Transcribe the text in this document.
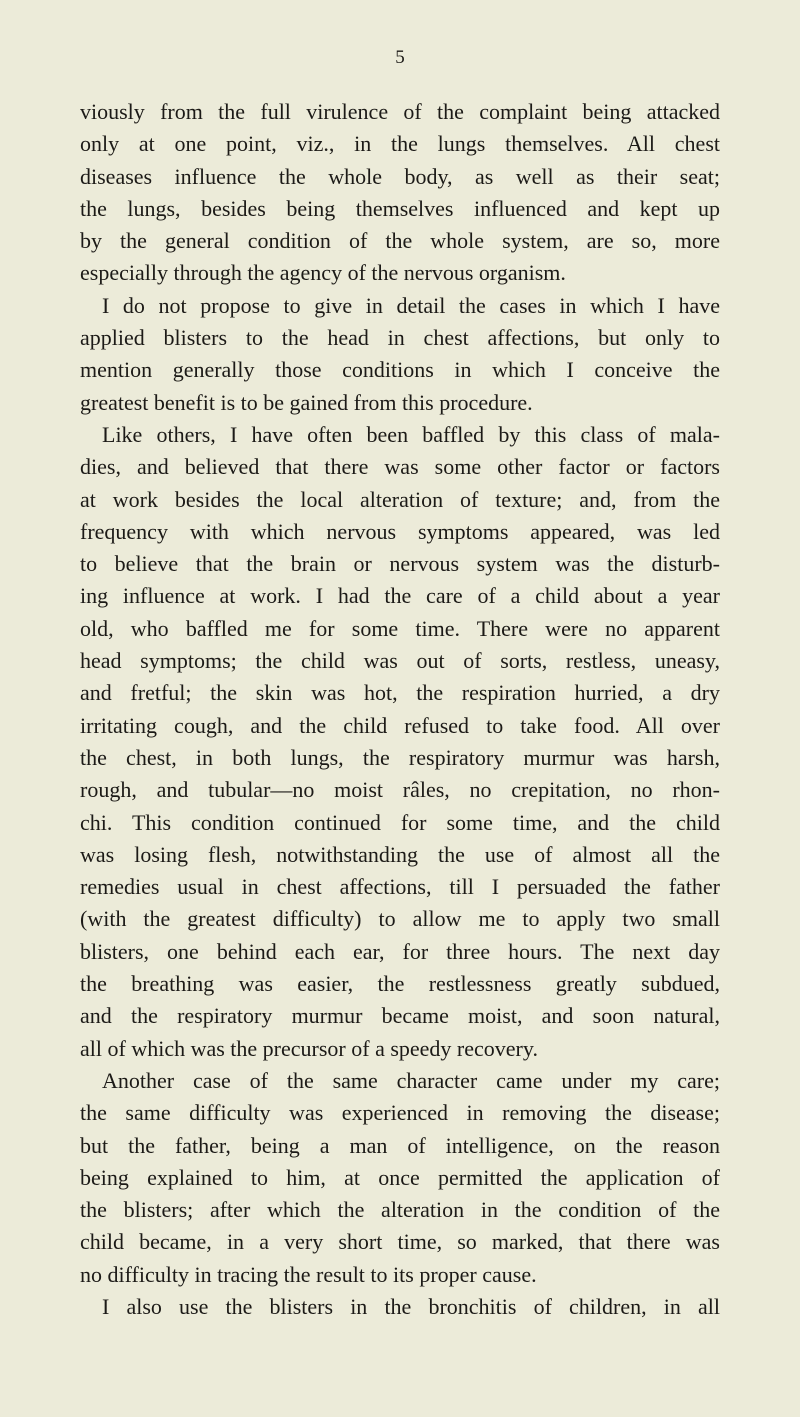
5
viously from the full virulence of the complaint being attacked
only at one point, viz., in the lungs themselves. All chest
diseases influence the whole body, as well as their seat;
the lungs, besides being themselves influenced and kept up
by the general condition of the whole system, are so, more
especially through the agency of the nervous organism.
I do not propose to give in detail the cases in which I have
applied blisters to the head in chest affections, but only to
mention generally those conditions in which I conceive the
greatest benefit is to be gained from this procedure.
Like others, I have often been baffled by this class of mala-
dies, and believed that there was some other factor or factors
at work besides the local alteration of texture; and, from the
frequency with which nervous symptoms appeared, was led
to believe that the brain or nervous system was the disturb-
ing influence at work. I had the care of a child about a year
old, who baffled me for some time. There were no apparent
head symptoms; the child was out of sorts, restless, uneasy,
and fretful; the skin was hot, the respiration hurried, a dry
irritating cough, and the child refused to take food. All over
the chest, in both lungs, the respiratory murmur was harsh,
rough, and tubular—no moist râles, no crepitation, no rhon-
chi. This condition continued for some time, and the child
was losing flesh, notwithstanding the use of almost all the
remedies usual in chest affections, till I persuaded the father
(with the greatest difficulty) to allow me to apply two small
blisters, one behind each ear, for three hours. The next day
the breathing was easier, the restlessness greatly subdued,
and the respiratory murmur became moist, and soon natural,
all of which was the precursor of a speedy recovery.
Another case of the same character came under my care;
the same difficulty was experienced in removing the disease;
but the father, being a man of intelligence, on the reason
being explained to him, at once permitted the application of
the blisters; after which the alteration in the condition of the
child became, in a very short time, so marked, that there was
no difficulty in tracing the result to its proper cause.
I also use the blisters in the bronchitis of children, in all
